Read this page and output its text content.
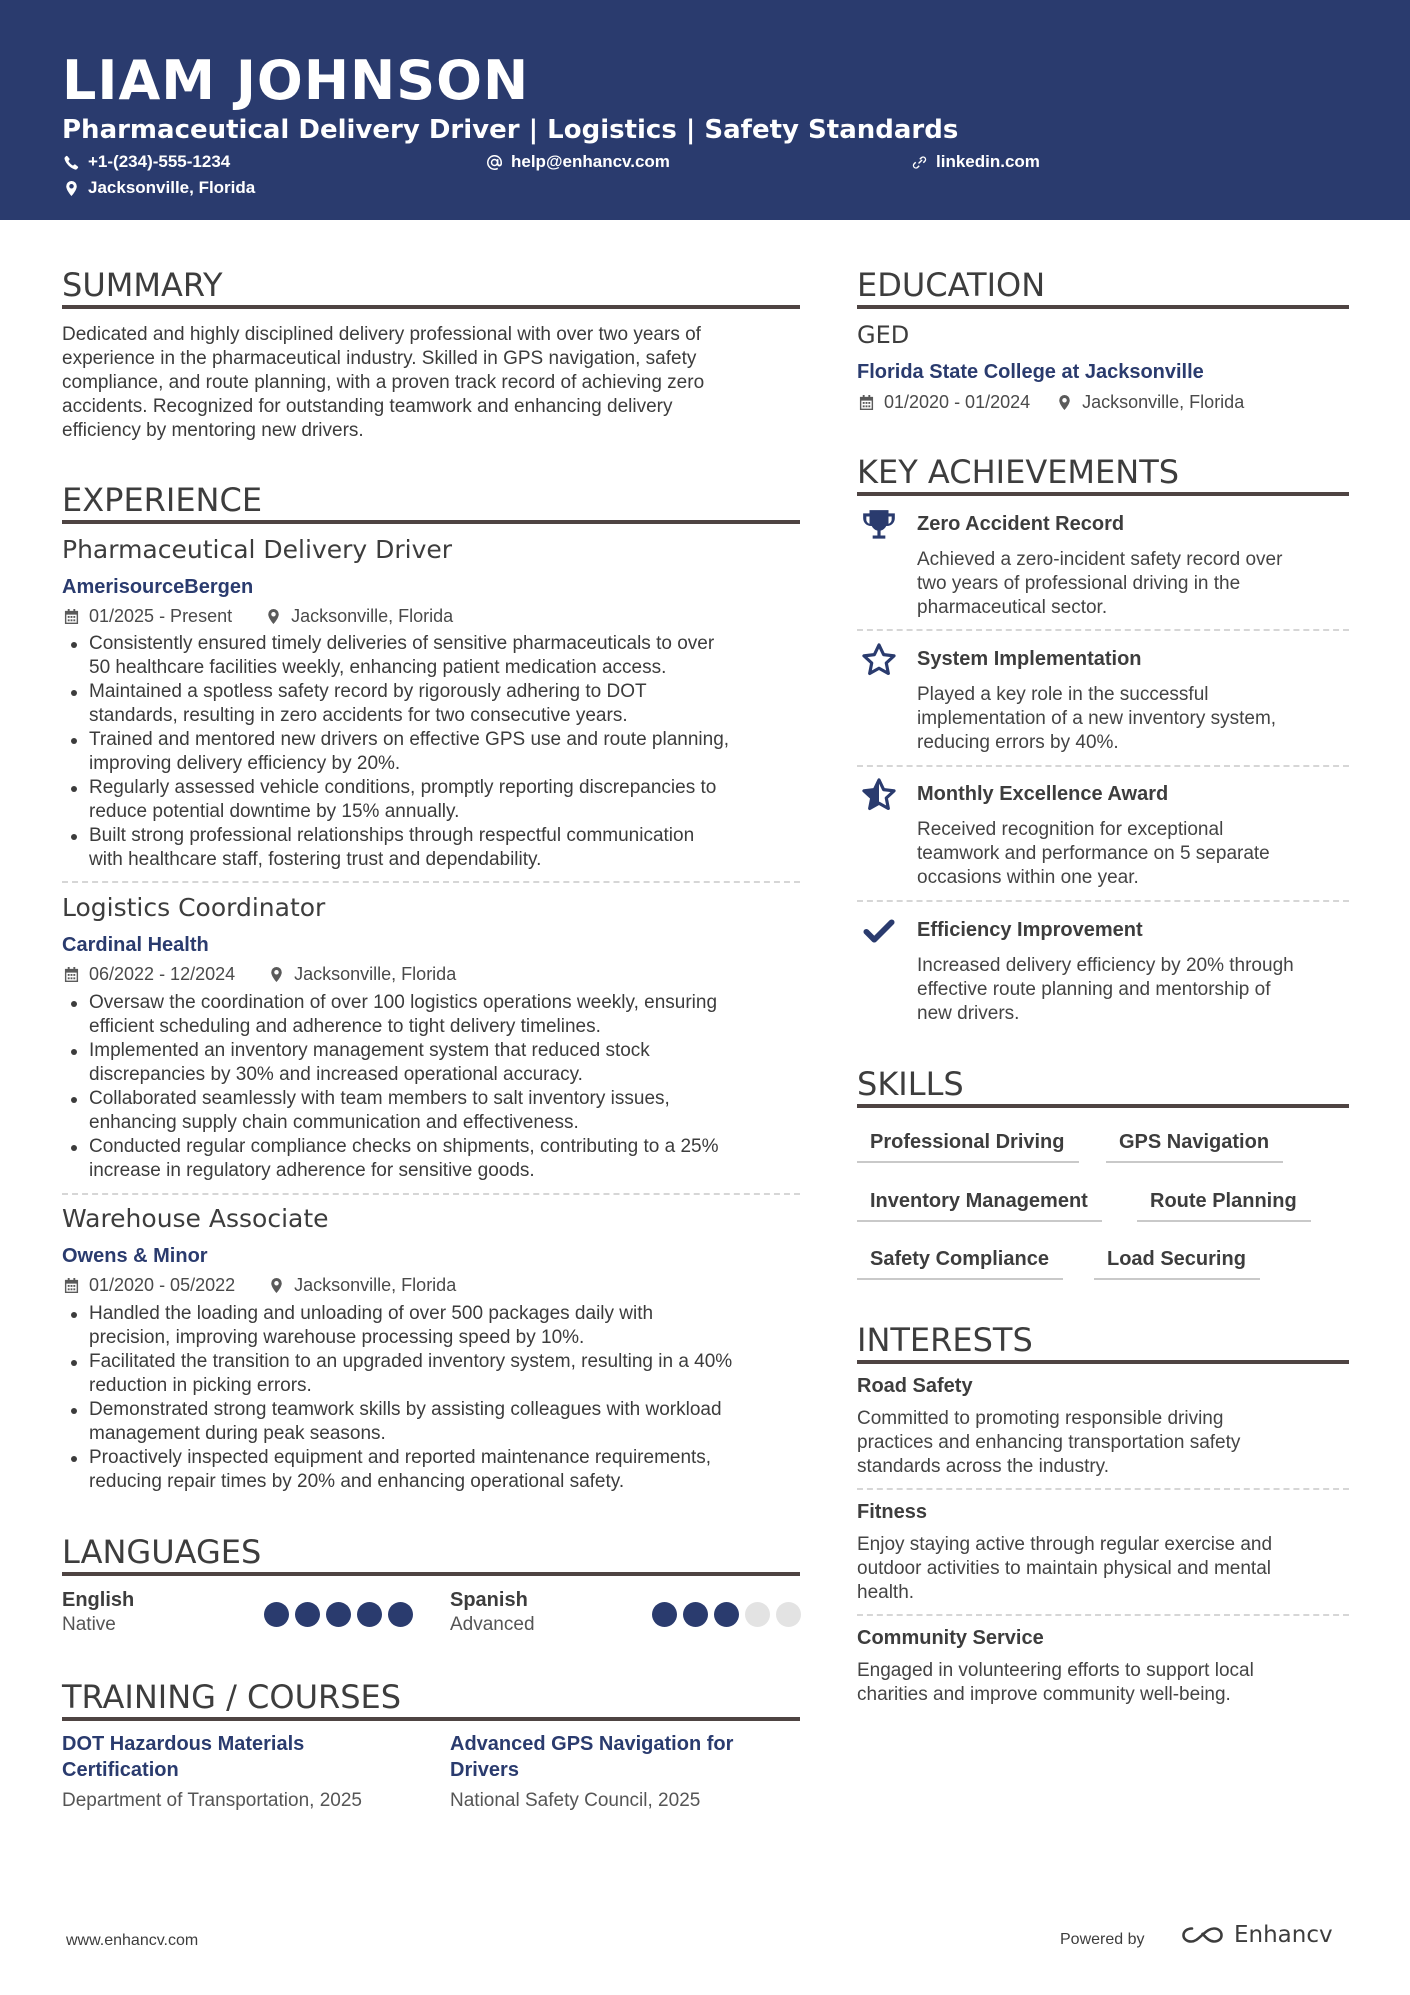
LIAM JOHNSON
Pharmaceutical Delivery Driver | Logistics | Safety Standards
+1-(234)-555-1234	help@enhancv.com	linkedin.com
Jacksonville, Florida
SUMMARY
Dedicated and highly disciplined delivery professional with over two years of
experience in the pharmaceutical industry. Skilled in GPS navigation, safety
compliance, and route planning, with a proven track record of achieving zero
accidents. Recognized for outstanding teamwork and enhancing delivery
efficiency by mentoring new drivers.
EXPERIENCE
Pharmaceutical Delivery Driver
AmerisourceBergen
01/2025 - Present	Jacksonville, Florida
Consistently ensured timely deliveries of sensitive pharmaceuticals to over
50 healthcare facilities weekly, enhancing patient medication access.
Maintained a spotless safety record by rigorously adhering to DOT
standards, resulting in zero accidents for two consecutive years.
Trained and mentored new drivers on effective GPS use and route planning,
improving delivery efficiency by 20%.
Regularly assessed vehicle conditions, promptly reporting discrepancies to
reduce potential downtime by 15% annually.
Built strong professional relationships through respectful communication
with healthcare staff, fostering trust and dependability.
Logistics Coordinator
Cardinal Health
06/2022 - 12/2024	Jacksonville, Florida
Oversaw the coordination of over 100 logistics operations weekly, ensuring
efficient scheduling and adherence to tight delivery timelines.
Implemented an inventory management system that reduced stock
discrepancies by 30% and increased operational accuracy.
Collaborated seamlessly with team members to salt inventory issues,
enhancing supply chain communication and effectiveness.
Conducted regular compliance checks on shipments, contributing to a 25%
increase in regulatory adherence for sensitive goods.
Warehouse Associate
Owens & Minor
01/2020 - 05/2022	Jacksonville, Florida
Handled the loading and unloading of over 500 packages daily with
precision, improving warehouse processing speed by 10%.
Facilitated the transition to an upgraded inventory system, resulting in a 40%
reduction in picking errors.
Demonstrated strong teamwork skills by assisting colleagues with workload
management during peak seasons.
Proactively inspected equipment and reported maintenance requirements,
reducing repair times by 20% and enhancing operational safety.
LANGUAGES
English
Native
Spanish
Advanced
TRAINING / COURSES
DOT Hazardous Materials
Certification
Department of Transportation, 2025
Advanced GPS Navigation for
Drivers
National Safety Council, 2025
EDUCATION
GED
Florida State College at Jacksonville
01/2020 - 01/2024	Jacksonville, Florida
KEY ACHIEVEMENTS
Zero Accident Record
Achieved a zero-incident safety record over
two years of professional driving in the
pharmaceutical sector.
System Implementation
Played a key role in the successful
implementation of a new inventory system,
reducing errors by 40%.
Monthly Excellence Award
Received recognition for exceptional
teamwork and performance on 5 separate
occasions within one year.
Efficiency Improvement
Increased delivery efficiency by 20% through
effective route planning and mentorship of
new drivers.
SKILLS
Professional Driving	GPS Navigation
Inventory Management	Route Planning
Safety Compliance	Load Securing
INTERESTS
Road Safety
Committed to promoting responsible driving
practices and enhancing transportation safety
standards across the industry.
Fitness
Enjoy staying active through regular exercise and
outdoor activities to maintain physical and mental
health.
Community Service
Engaged in volunteering efforts to support local
charities and improve community well-being.
www.enhancv.com	Powered by	Enhancv
